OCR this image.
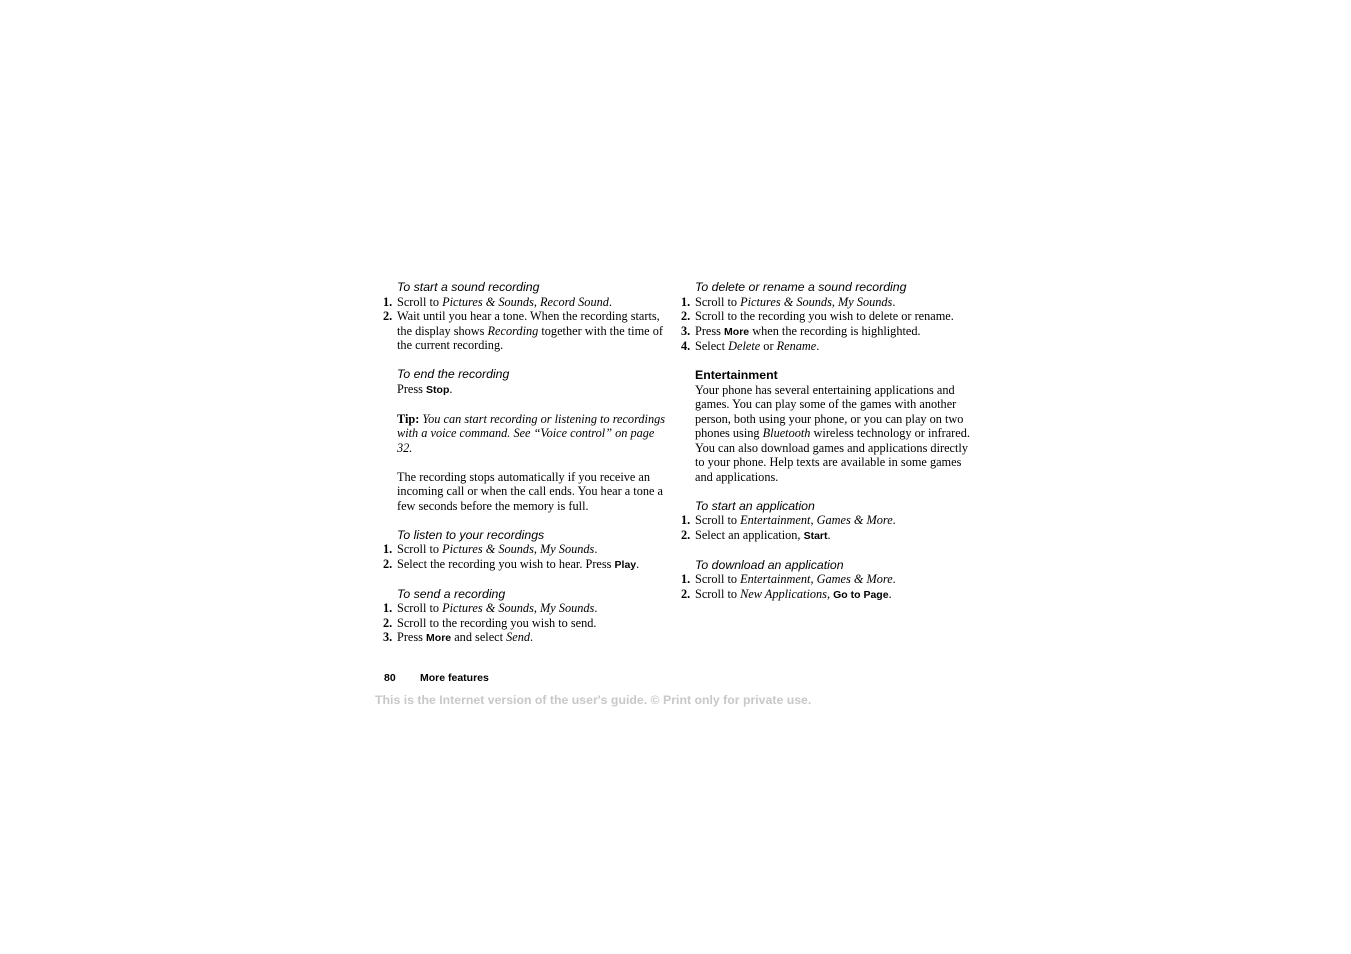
To start a sound recording
1. Scroll to Pictures & Sounds, Record Sound.
2. Wait until you hear a tone. When the recording starts, the display shows Recording together with the time of the current recording.
To end the recording
Press Stop.
Tip: You can start recording or listening to recordings with a voice command. See “Voice control” on page 32.
The recording stops automatically if you receive an incoming call or when the call ends. You hear a tone a few seconds before the memory is full.
To listen to your recordings
1. Scroll to Pictures & Sounds, My Sounds.
2. Select the recording you wish to hear. Press Play.
To send a recording
1. Scroll to Pictures & Sounds, My Sounds.
2. Scroll to the recording you wish to send.
3. Press More and select Send.
To delete or rename a sound recording
1. Scroll to Pictures & Sounds, My Sounds.
2. Scroll to the recording you wish to delete or rename.
3. Press More when the recording is highlighted.
4. Select Delete or Rename.
Entertainment
Your phone has several entertaining applications and games. You can play some of the games with another person, both using your phone, or you can play on two phones using Bluetooth wireless technology or infrared. You can also download games and applications directly to your phone. Help texts are available in some games and applications.
To start an application
1. Scroll to Entertainment, Games & More.
2. Select an application, Start.
To download an application
1. Scroll to Entertainment, Games & More.
2. Scroll to New Applications, Go to Page.
80 More features
This is the Internet version of the user's guide. © Print only for private use.
